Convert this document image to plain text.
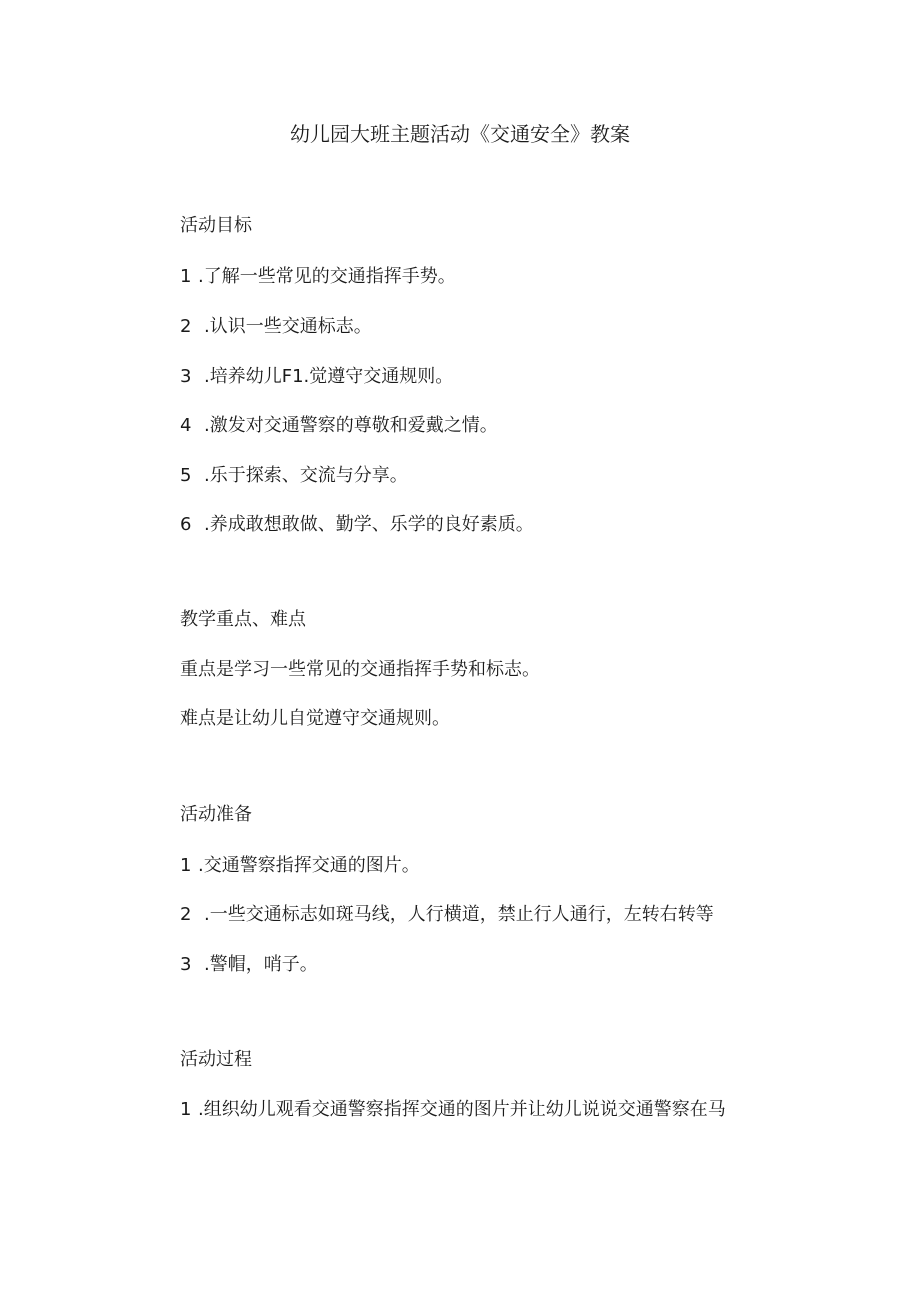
幼儿园大班主题活动《交通安全》教案
活动目标
1 .了解一些常见的交通指挥手势。
2 .认识一些交通标志。
3 .培养幼儿F1.觉遵守交通规则。
4 .激发对交通警察的尊敬和爱戴之情。
5 .乐于探索、交流与分享。
6 .养成敢想敢做、勤学、乐学的良好素质。
教学重点、难点
重点是学习一些常见的交通指挥手势和标志。
难点是让幼儿自觉遵守交通规则。
活动准备
1 .交通警察指挥交通的图片。
2 .一些交通标志如斑马线，人行横道，禁止行人通行，左转右转等
3 .警帽，哨子。
活动过程
1 .组织幼儿观看交通警察指挥交通的图片并让幼儿说说交通警察在马
